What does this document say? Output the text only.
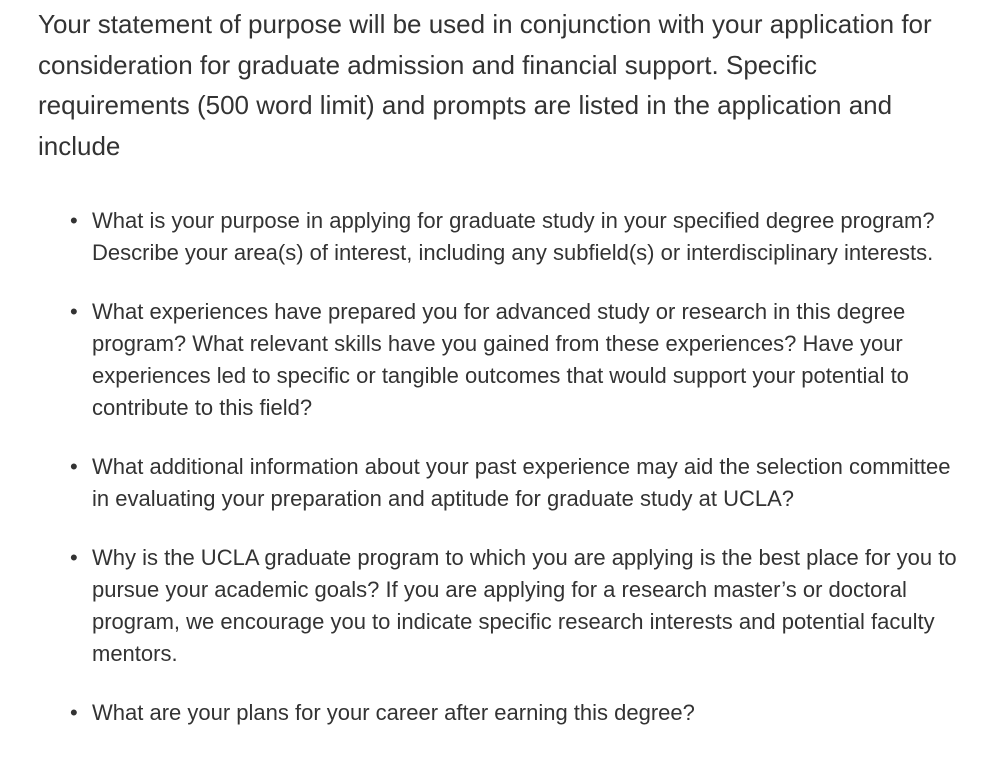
Your statement of purpose will be used in conjunction with your application for consideration for graduate admission and financial support. Specific requirements (500 word limit) and prompts are listed in the application and include

• What is your purpose in applying for graduate study in your specified degree program? Describe your area(s) of interest, including any subfield(s) or interdisciplinary interests.
• What experiences have prepared you for advanced study or research in this degree program? What relevant skills have you gained from these experiences? Have your experiences led to specific or tangible outcomes that would support your potential to contribute to this field?
• What additional information about your past experience may aid the selection committee in evaluating your preparation and aptitude for graduate study at UCLA?
• Why is the UCLA graduate program to which you are applying is the best place for you to pursue your academic goals? If you are applying for a research master’s or doctoral program, we encourage you to indicate specific research interests and potential faculty mentors.
• What are your plans for your career after earning this degree?
